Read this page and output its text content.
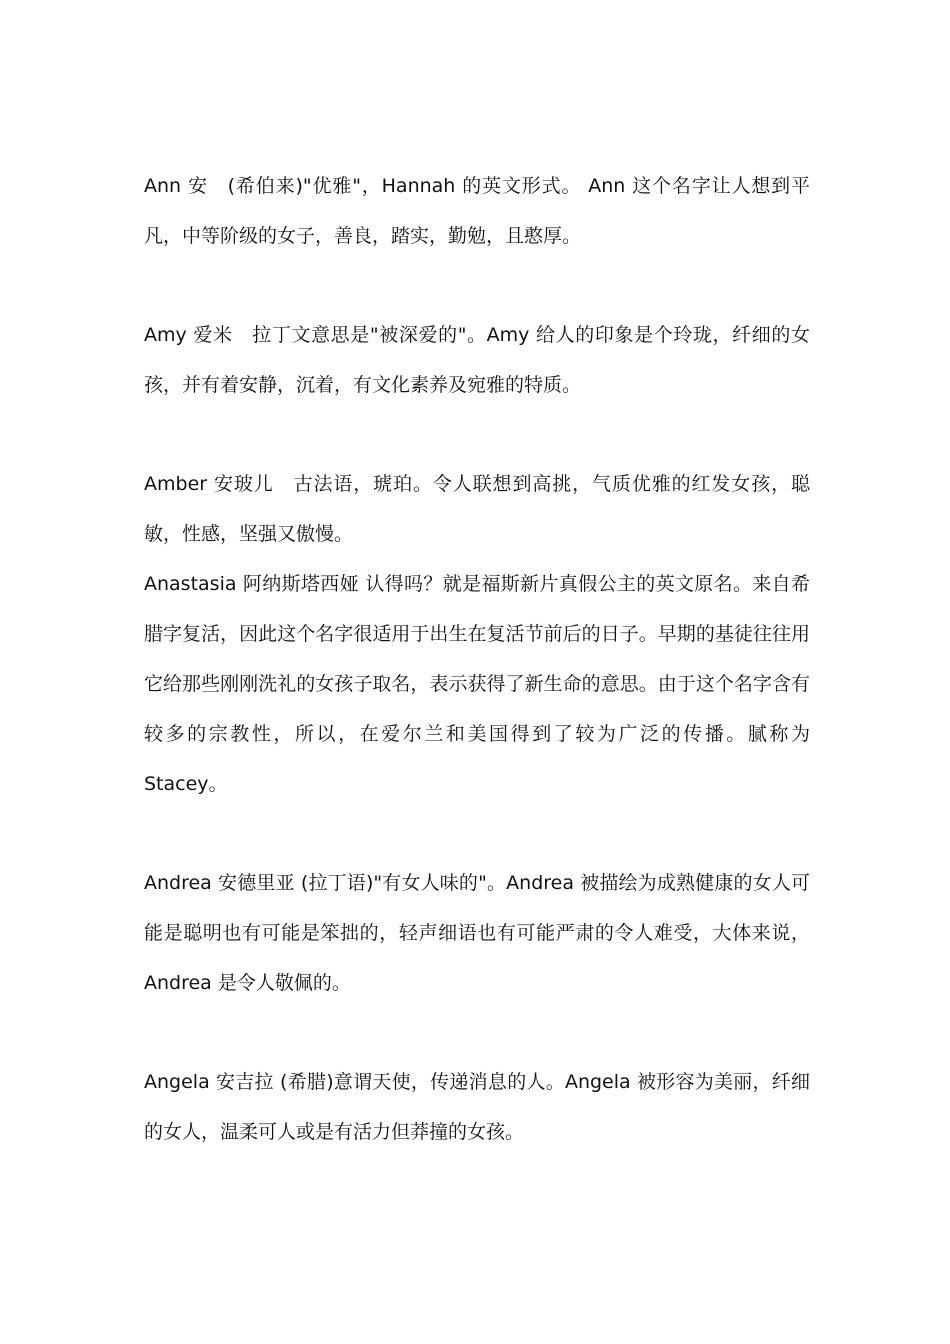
Ann 安　(希伯来)"优雅"，Hannah 的英文形式。 Ann 这个名字让人想到平凡，中等阶级的女子，善良，踏实，勤勉，且憨厚。

Amy 爱米　拉丁文意思是"被深爱的"。Amy 给人的印象是个玲珑，纤细的女孩，并有着安静，沉着，有文化素养及宛雅的特质。

Amber 安玻儿　古法语，琥珀。令人联想到高挑，气质优雅的红发女孩，聪敏，性感，坚强又傲慢。

Anastasia 阿纳斯塔西娅 认得吗？就是福斯新片真假公主的英文原名。来自希腊字复活，因此这个名字很适用于出生在复活节前后的日子。早期的基徒往往用它给那些刚刚洗礼的女孩子取名，表示获得了新生命的意思。由于这个名字含有较多的宗教性，所以，在爱尔兰和美国得到了较为广泛的传播。腻称为 Stacey。

Andrea 安德里亚 (拉丁语)"有女人味的"。Andrea 被描绘为成熟健康的女人可能是聪明也有可能是笨拙的，轻声细语也有可能严肃的令人难受，大体来说，Andrea 是令人敬佩的。

Angela 安吉拉 (希腊)意谓天使，传递消息的人。Angela 被形容为美丽，纤细的女人，温柔可人或是有活力但莽撞的女孩。
